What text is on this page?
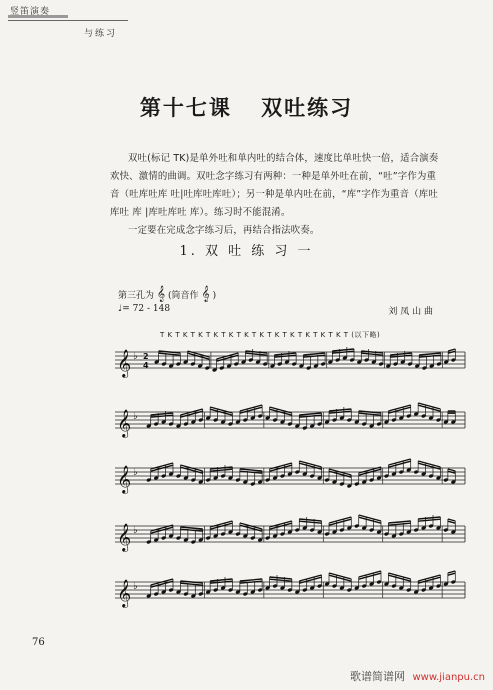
竖笛演奏
与练习
第十七课 双吐练习

双吐(标记 TK)是单外吐和单内吐的结合体，速度比单吐快一倍，适合演奏欢快、激情的曲调。双吐念字练习有两种：一种是单外吐在前，“吐”字作为重音（吐库吐库 吐|吐库吐库吐）；另一种是单内吐在前，“库”字作为重音（库吐库吐 库 |库吐库吐 库）。练习时不能混淆。

一定要在完成念字练习后，再结合指法吹奏。

1. 双 吐 练 习 一
第三孔为 𝄞 (筒音作 𝄞 )
♩= 72 - 148	刘 凤 山 曲
T K T K T K T K T K T K T K T K T K T K T K T K T (以下略)
𝄞 ♭ 2
4
𝄞 ♭
𝄞 ♭
𝄞 ♭
𝄞 ♭
76
歌谱简谱网 www.jianpu.cn
